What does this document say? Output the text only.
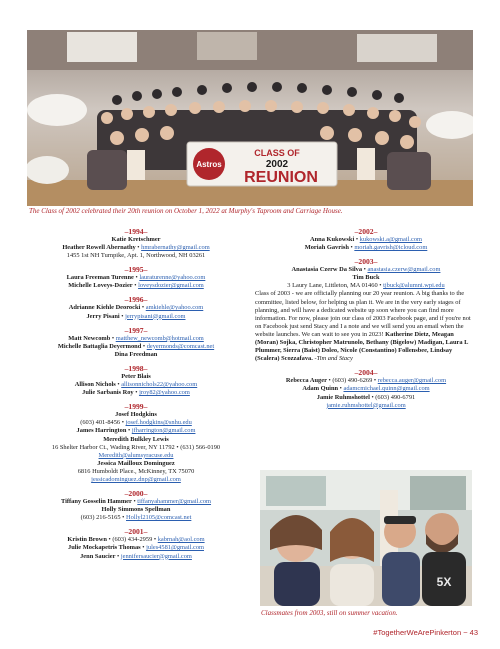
Astros
CLASS OF
2002
REUNION
The Class of 2002 celebrated their 20th reunion on October 1, 2022 at Murphy's Taproom and Carriage House.
–1994–
Katie Kretschmer
Heather Rowell Abernathy • hmrabernathy@gmail.com
1455 1st NH Turnpike, Apt. 1, Northwood, NH 03261
–1995–
Laura Freeman Turenne • lauraturenne@yahoo.com
Michelle Loveys-Dozier • loveysdozier@gmail.com
–1996–
Adrianne Kiehle Deorocki • amkiehle@yahoo.com
Jerry Pisani • jerrypisani@gmail.com
–1997–
Matt Newcomb • matthew_newcomb@hotmail.com
Michelle Battaglia Deyermond • deyermonds@comcast.net
Dina Freedman
–1998–
Peter Blais
Allison Nichols • allisonnichols22@yahoo.com
Julie Sarbanis Roy • jroy82@yahoo.com
–1999–
Josef Hodgkins
(603) 401-8456 • josef.hodgkins@snhu.edu
James Harrington • jfharrington@gmail.com
Meredith Bulkley Lewis
16 Shelter Harbor Ct., Wading River, NY 11792 • (631) 566-0190
Meredith@alumsyracuse.edu
Jessica Mailloux Dominguez
6816 Humboldt Place., McKinney, TX 75070
jessicadominguez.dnp@gmail.com
–2000–
Tiffany Gosselin Hammer • tiffanyahammer@gmail.com
Holly Simmons Spellman
(603) 216-5165 • Hollyl2105@comcast.net
–2001–
Kristin Brown • (603) 434-2959 • kabrnah@aol.com
Julie Mockapetris Thomas • jules4581@gmail.com
Jenn Saucier • jennifersaucier@gmail.com
–2002–
Anna Kukowski • kukowski.a@gmail.com
Moriah Gavrish • moriah.gavrish@icloud.com
–2003–
Anastasia Czerw Da Silva • anastasia.czerw@gmail.com
Tim Buck
3 Laury Lane, Littleton, MA 01460 • tjbuck@alumni.wpi.edu
Class of 2003 - we are officially planning our 20 year reunion. A big thanks to the committee, listed below, for helping us plan it. We are in the very early stages of planning, and will have a dedicated website up soon where you can find more information. For now, please join our class of 2003 Facebook page, and if you're not on Facebook just send Stacy and I a note and we will send you an email when the website launches. We can wait to see you in 2023! Katherine Dietz, Meagan (Moran) Sojka, Christopher Matrunolo, Bethany (Bigelow) Madigan, Laura L Plummer, Sierra (Baist) Doleo, Nicole (Constantino) Follensbee, Lindsay (Scalera) Scozzafava. -Tim and Stacy
–2004–
Rebecca Auger • (603) 490-6269 • rebecca.auger@gmail.com
Adam Quinn • adamcmichael.quinn@gmail.com
Jamie Ruhmshottel • (603) 490-6791
jamie.ruhmshottel@gmail.com
5X
Classmates from 2003, still on summer vacation.
#TogetherWeArePinkerton ~ 43
